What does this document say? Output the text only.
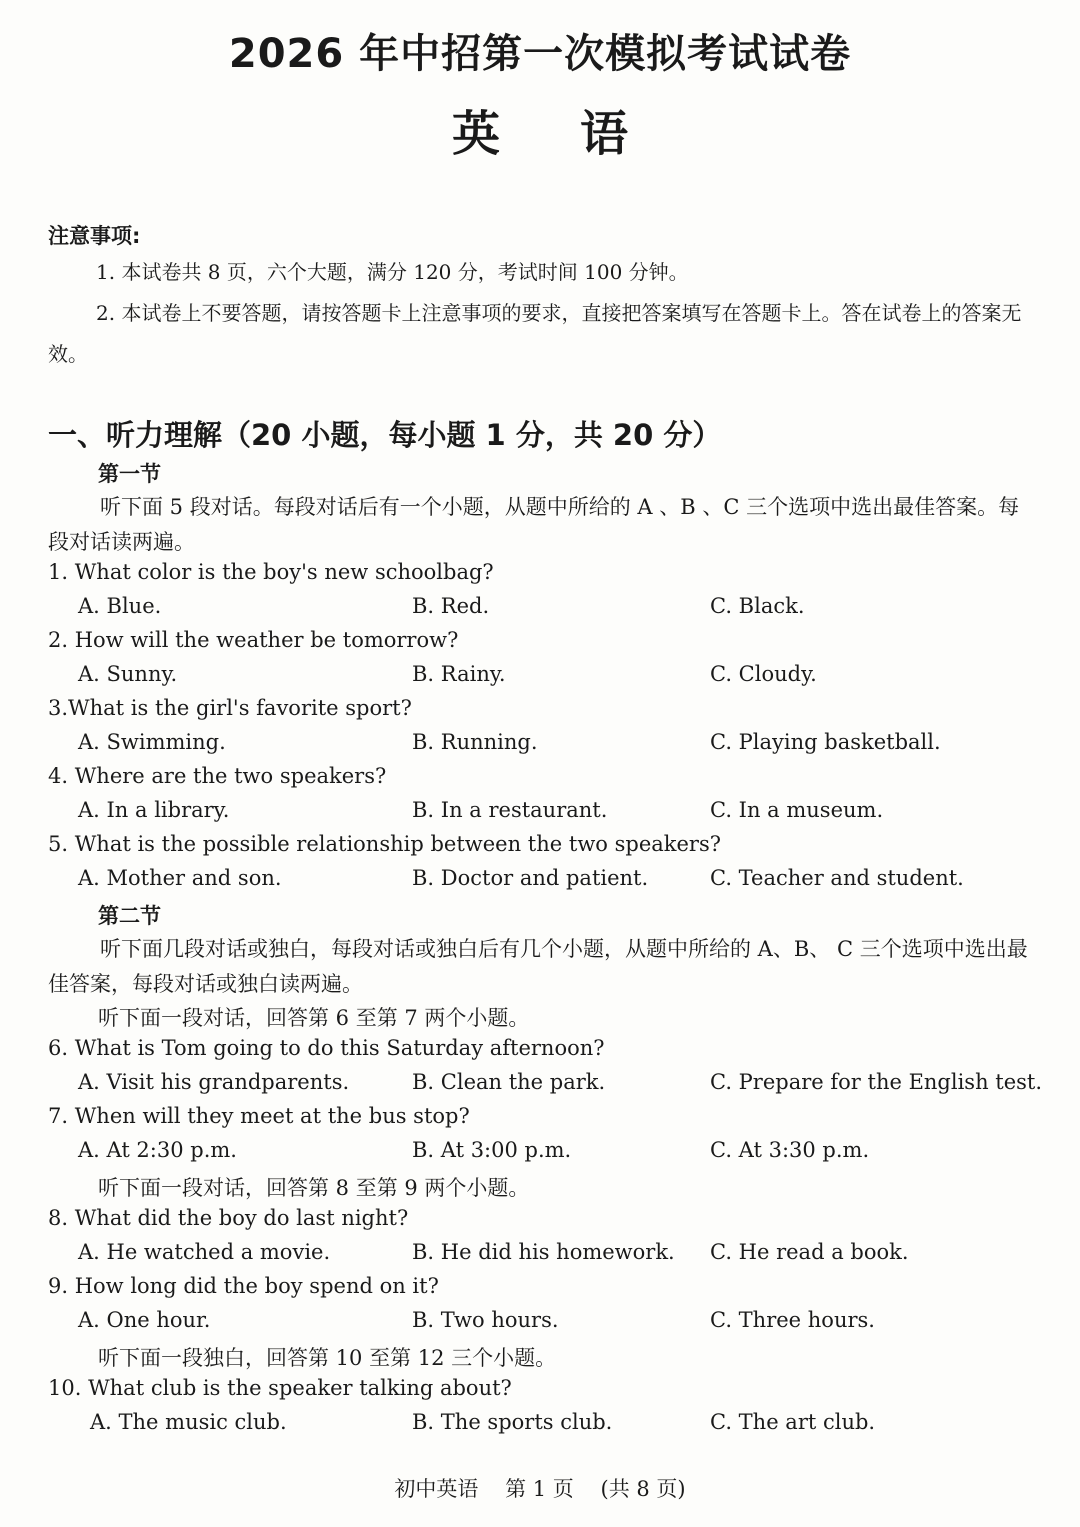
2026 年中招第一次模拟考试试卷
英语
注意事项:
1. 本试卷共 8 页，六个大题，满分 120 分，考试时间 100 分钟。
2. 本试卷上不要答题，请按答题卡上注意事项的要求，直接把答案填写在答题卡上。答在试卷上的答案无效。
一、听力理解（20 小题，每小题 1 分，共 20 分）
第一节
听下面 5 段对话。每段对话后有一个小题，从题中所给的 A 、B 、C 三个选项中选出最佳答案。每段对话读两遍。
1. What color is the boy's new schoolbag?
A. Blue.	B. Red.	C. Black.
2. How will the weather be tomorrow?
A. Sunny.	B. Rainy.	C. Cloudy.
3.What is the girl's favorite sport?
A. Swimming.	B. Running.	C. Playing basketball.
4. Where are the two speakers?
A. In a library.	B. In a restaurant.	C. In a museum.
5. What is the possible relationship between the two speakers?
A. Mother and son.	B. Doctor and patient.	C. Teacher and student.
第二节
听下面几段对话或独白，每段对话或独白后有几个小题，从题中所给的 A、B、 C 三个选项中选出最佳答案，每段对话或独白读两遍。
听下面一段对话，回答第 6 至第 7 两个小题。
6. What is Tom going to do this Saturday afternoon?
A. Visit his grandparents.	B. Clean the park.	C. Prepare for the English test.
7. When will they meet at the bus stop?
A. At 2:30 p.m.	B. At 3:00 p.m.	C. At 3:30 p.m.
听下面一段对话，回答第 8 至第 9 两个小题。
8. What did the boy do last night?
A. He watched a movie.	B. He did his homework. C. He read a book.
9. How long did the boy spend on it?
A. One hour.	B. Two hours.	C. Three hours.
听下面一段独白，回答第 10 至第 12 三个小题。
10. What club is the speaker talking about?
A. The music club.	B. The sports club.	C. The art club.
初中英语 第 1 页 (共 8 页)
